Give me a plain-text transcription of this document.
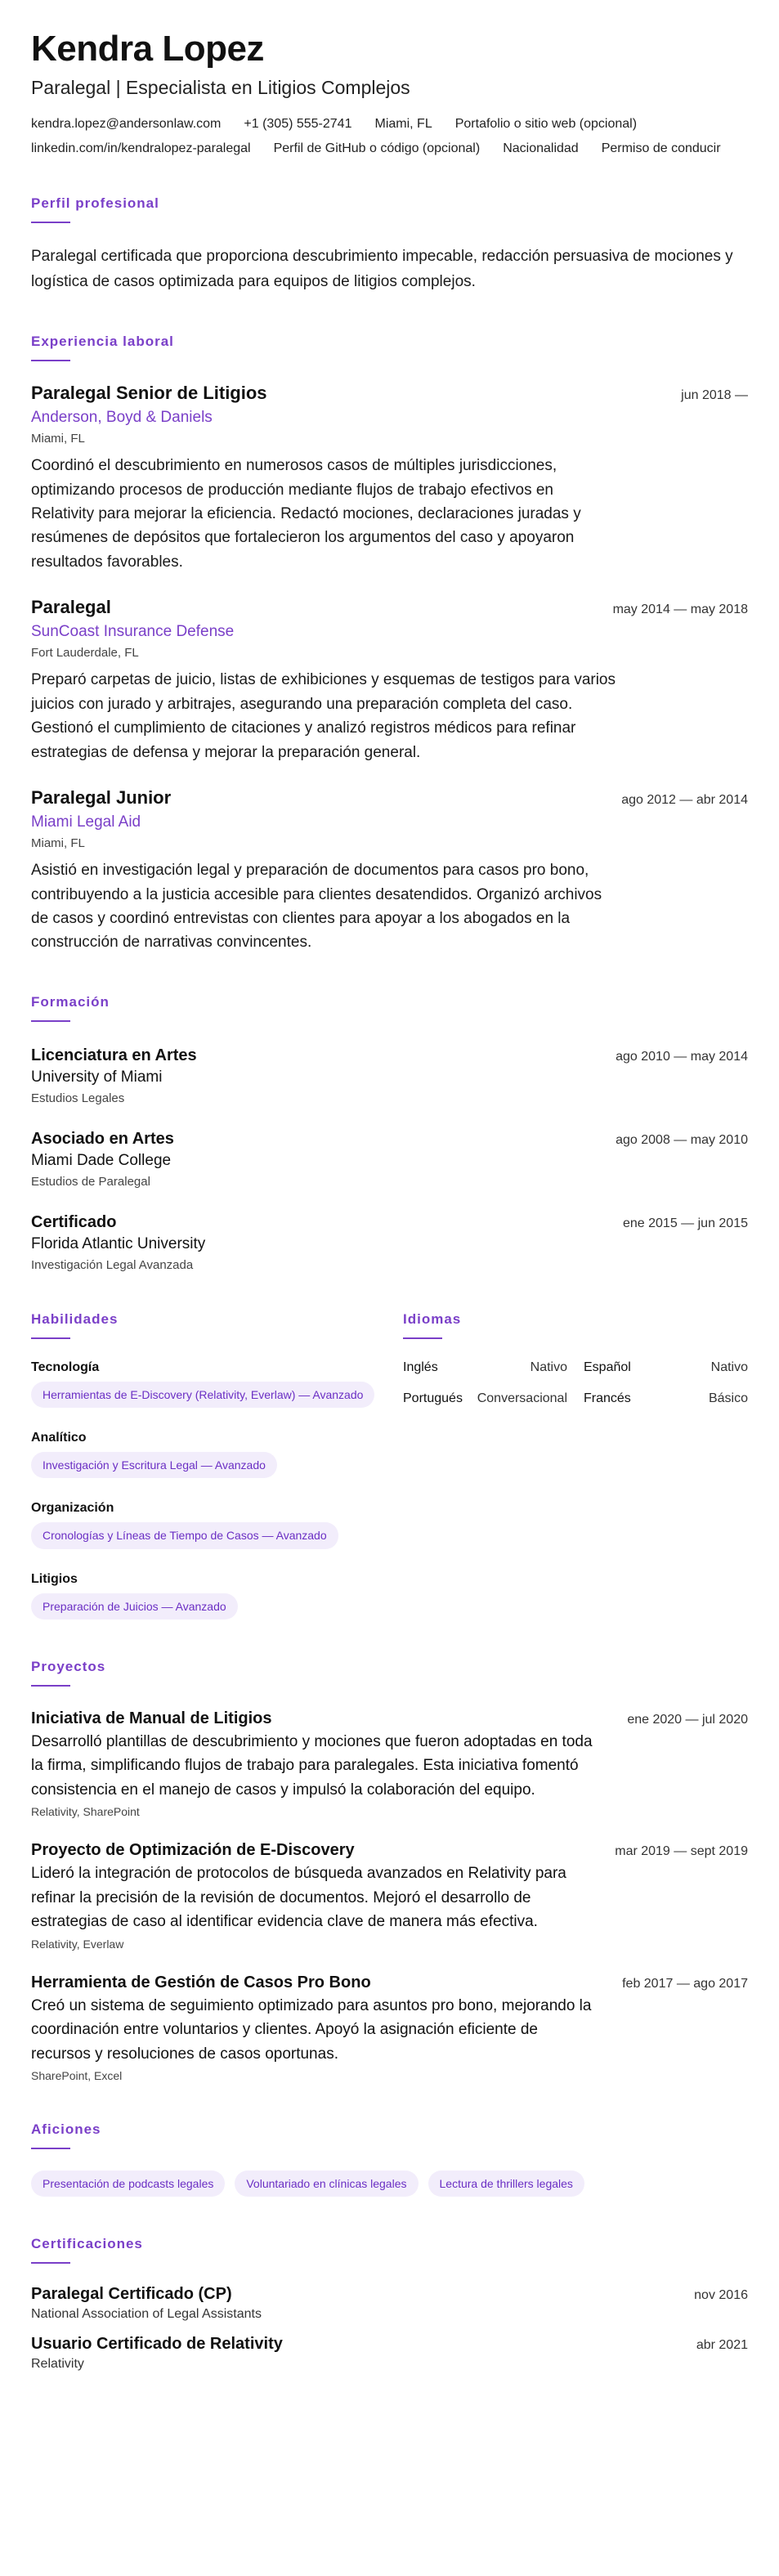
Kendra Lopez
Paralegal | Especialista en Litigios Complejos
kendra.lopez@andersonlaw.com +1 (305) 555-2741 Miami, FL Portafolio o sitio web (opcional)
linkedin.com/in/kendralopez-paralegal Perfil de GitHub o código (opcional) Nacionalidad Permiso de conducir
Perfil profesional
Paralegal certificada que proporciona descubrimiento impecable, redacción persuasiva de mociones y logística de casos optimizada para equipos de litigios complejos.
Experiencia laboral
Paralegal Senior de Litigios	jun 2018 —
Anderson, Boyd & Daniels
Miami, FL
Coordinó el descubrimiento en numerosos casos de múltiples jurisdicciones, optimizando procesos de producción mediante flujos de trabajo efectivos en Relativity para mejorar la eficiencia. Redactó mociones, declaraciones juradas y resúmenes de depósitos que fortalecieron los argumentos del caso y apoyaron resultados favorables.
Paralegal	may 2014 — may 2018
SunCoast Insurance Defense
Fort Lauderdale, FL
Preparó carpetas de juicio, listas de exhibiciones y esquemas de testigos para varios juicios con jurado y arbitrajes, asegurando una preparación completa del caso. Gestionó el cumplimiento de citaciones y analizó registros médicos para refinar estrategias de defensa y mejorar la preparación general.
Paralegal Junior	ago 2012 — abr 2014
Miami Legal Aid
Miami, FL
Asistió en investigación legal y preparación de documentos para casos pro bono, contribuyendo a la justicia accesible para clientes desatendidos. Organizó archivos de casos y coordinó entrevistas con clientes para apoyar a los abogados en la construcción de narrativas convincentes.
Formación
Licenciatura en Artes	ago 2010 — may 2014
University of Miami
Estudios Legales
Asociado en Artes	ago 2008 — may 2010
Miami Dade College
Estudios de Paralegal
Certificado	ene 2015 — jun 2015
Florida Atlantic University
Investigación Legal Avanzada
Habilidades
Tecnología
Herramientas de E-Discovery (Relativity, Everlaw) — Avanzado
Analítico
Investigación y Escritura Legal — Avanzado
Organización
Cronologías y Líneas de Tiempo de Casos — Avanzado
Litigios
Preparación de Juicios — Avanzado
Idiomas
Inglés	Nativo Español	Nativo
Portugués Conversacional Francés	Básico
Proyectos
Iniciativa de Manual de Litigios	ene 2020 — jul 2020
Desarrolló plantillas de descubrimiento y mociones que fueron adoptadas en toda la firma, simplificando flujos de trabajo para paralegales. Esta iniciativa fomentó consistencia en el manejo de casos y impulsó la colaboración del equipo.
Relativity, SharePoint
Proyecto de Optimización de E-Discovery	mar 2019 — sept 2019
Lideró la integración de protocolos de búsqueda avanzados en Relativity para refinar la precisión de la revisión de documentos. Mejoró el desarrollo de estrategias de caso al identificar evidencia clave de manera más efectiva.
Relativity, Everlaw
Herramienta de Gestión de Casos Pro Bono	feb 2017 — ago 2017
Creó un sistema de seguimiento optimizado para asuntos pro bono, mejorando la coordinación entre voluntarios y clientes. Apoyó la asignación eficiente de recursos y resoluciones de casos oportunas.
SharePoint, Excel
Aficiones
Presentación de podcasts legales	Voluntariado en clínicas legales	Lectura de thrillers legales
Certificaciones
Paralegal Certificado (CP)	nov 2016
National Association of Legal Assistants
Usuario Certificado de Relativity	abr 2021
Relativity
